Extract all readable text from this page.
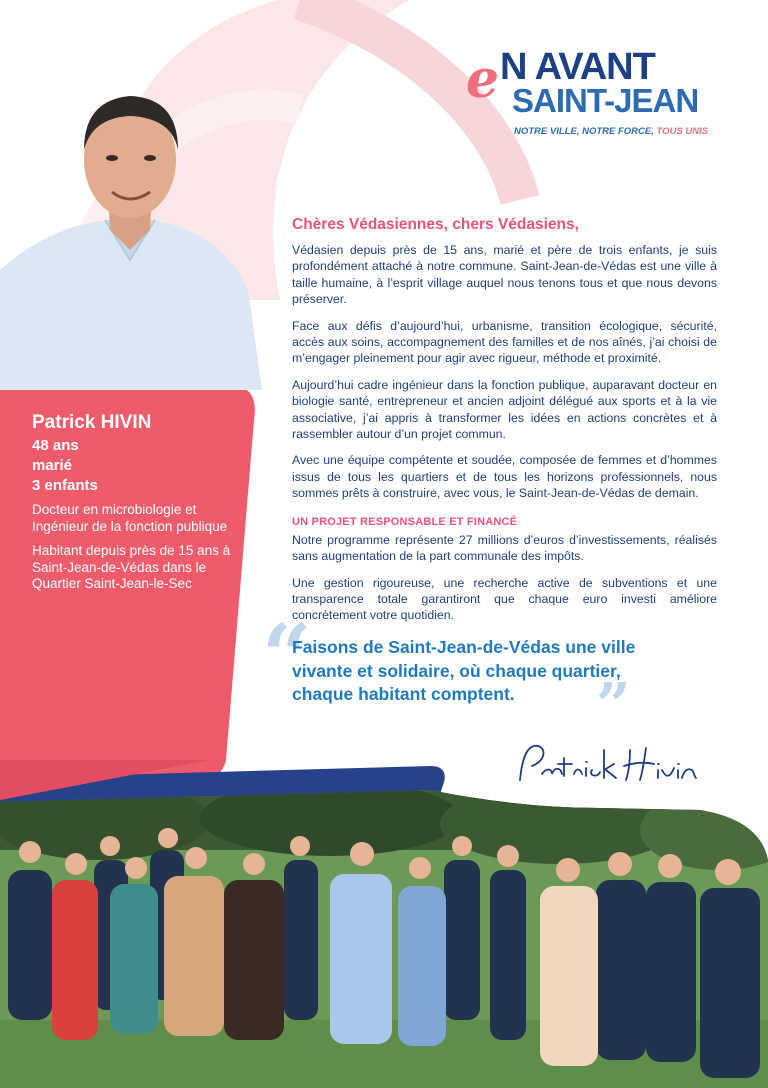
e N AVANT
SAINT-JEAN
NOTRE VILLE, NOTRE FORCE, TOUS UNIS
Patrick HIVIN
48 ans
marié
3 enfants
Docteur en microbiologie et Ingénieur de la fonction publique
Habitant depuis près de 15 ans à Saint-Jean-de-Védas dans le Quartier Saint-Jean-le-Sec
Chères Védasiennes, chers Védasiens,

Védasien depuis près de 15 ans, marié et père de trois enfants, je suis profondément attaché à notre commune. Saint-Jean-de-Védas est une ville à taille humaine, à l’esprit village auquel nous tenons tous et que nous devons préserver.

Face aux défis d’aujourd’hui, urbanisme, transition écologique, sécurité, accès aux soins, accompagnement des familles et de nos aînés, j’ai choisi de m’engager pleinement pour agir avec rigueur, méthode et proximité.

Aujourd’hui cadre ingénieur dans la fonction publique, auparavant docteur en biologie santé, entrepreneur et ancien adjoint délégué aux sports et à la vie associative, j’ai appris à transformer les idées en actions concrètes et à rassembler autour d’un projet commun.

Avec une équipe compétente et soudée, composée de femmes et d’hommes issus de tous les quartiers et de tous les horizons professionnels, nous sommes prêts à construire, avec vous, le Saint-Jean-de-Védas de demain.

UN PROJET RESPONSABLE ET FINANCÉ

Notre programme représente 27 millions d’euros d’investissements, réalisés sans augmentation de la part communale des impôts.

Une gestion rigoureuse, une recherche active de subventions et une transparence totale garantiront que chaque euro investi améliore concrètement votre quotidien.

“
Faisons de Saint-Jean-de-Védas une ville vivante et solidaire, où chaque quartier, chaque habitant comptent.	”
